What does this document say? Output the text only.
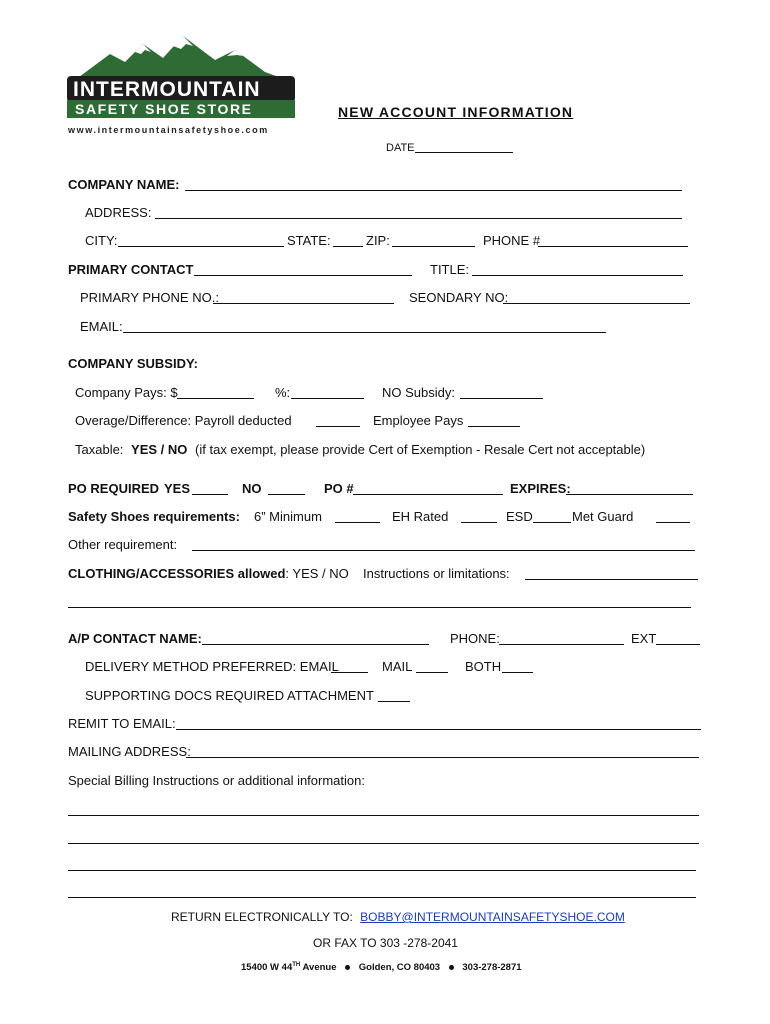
INTERMOUNTAIN
SAFETY SHOE STORE
www.intermountainsafetyshoe.com
NEW ACCOUNT INFORMATION
DATE
COMPANY NAME:
ADDRESS:
CITY:	STATE:	ZIP:	PHONE #
PRIMARY CONTACT	TITLE:
PRIMARY PHONE NO.:	SEONDARY NO:
EMAIL:
COMPANY SUBSIDY:
Company Pays: $	%:	NO Subsidy:
Overage/Difference: Payroll deducted	Employee Pays
Taxable: YES / NO (if tax exempt, please provide Cert of Exemption - Resale Cert not acceptable)
PO REQUIRED YES	NO	PO #	EXPIRES:
Safety Shoes requirements: 6” Minimum	EH Rated	ESD	Met Guard
Other requirement:
CLOTHING/ACCESSORIES allowed: YES / NO Instructions or limitations:
A/P CONTACT NAME:	PHONE:	EXT
DELIVERY METHOD PREFERRED: EMAIL	MAIL	BOTH
SUPPORTING DOCS REQUIRED ATTACHMENT
REMIT TO EMAIL:
MAILING ADDRESS:
Special Billing Instructions or additional information:
RETURN ELECTRONICALLY TO: BOBBY@INTERMOUNTAINSAFETYSHOE.COM
OR FAX TO 303 -278-2041
15400 W 44TH Avenue Golden, CO 80403 303-278-2871
